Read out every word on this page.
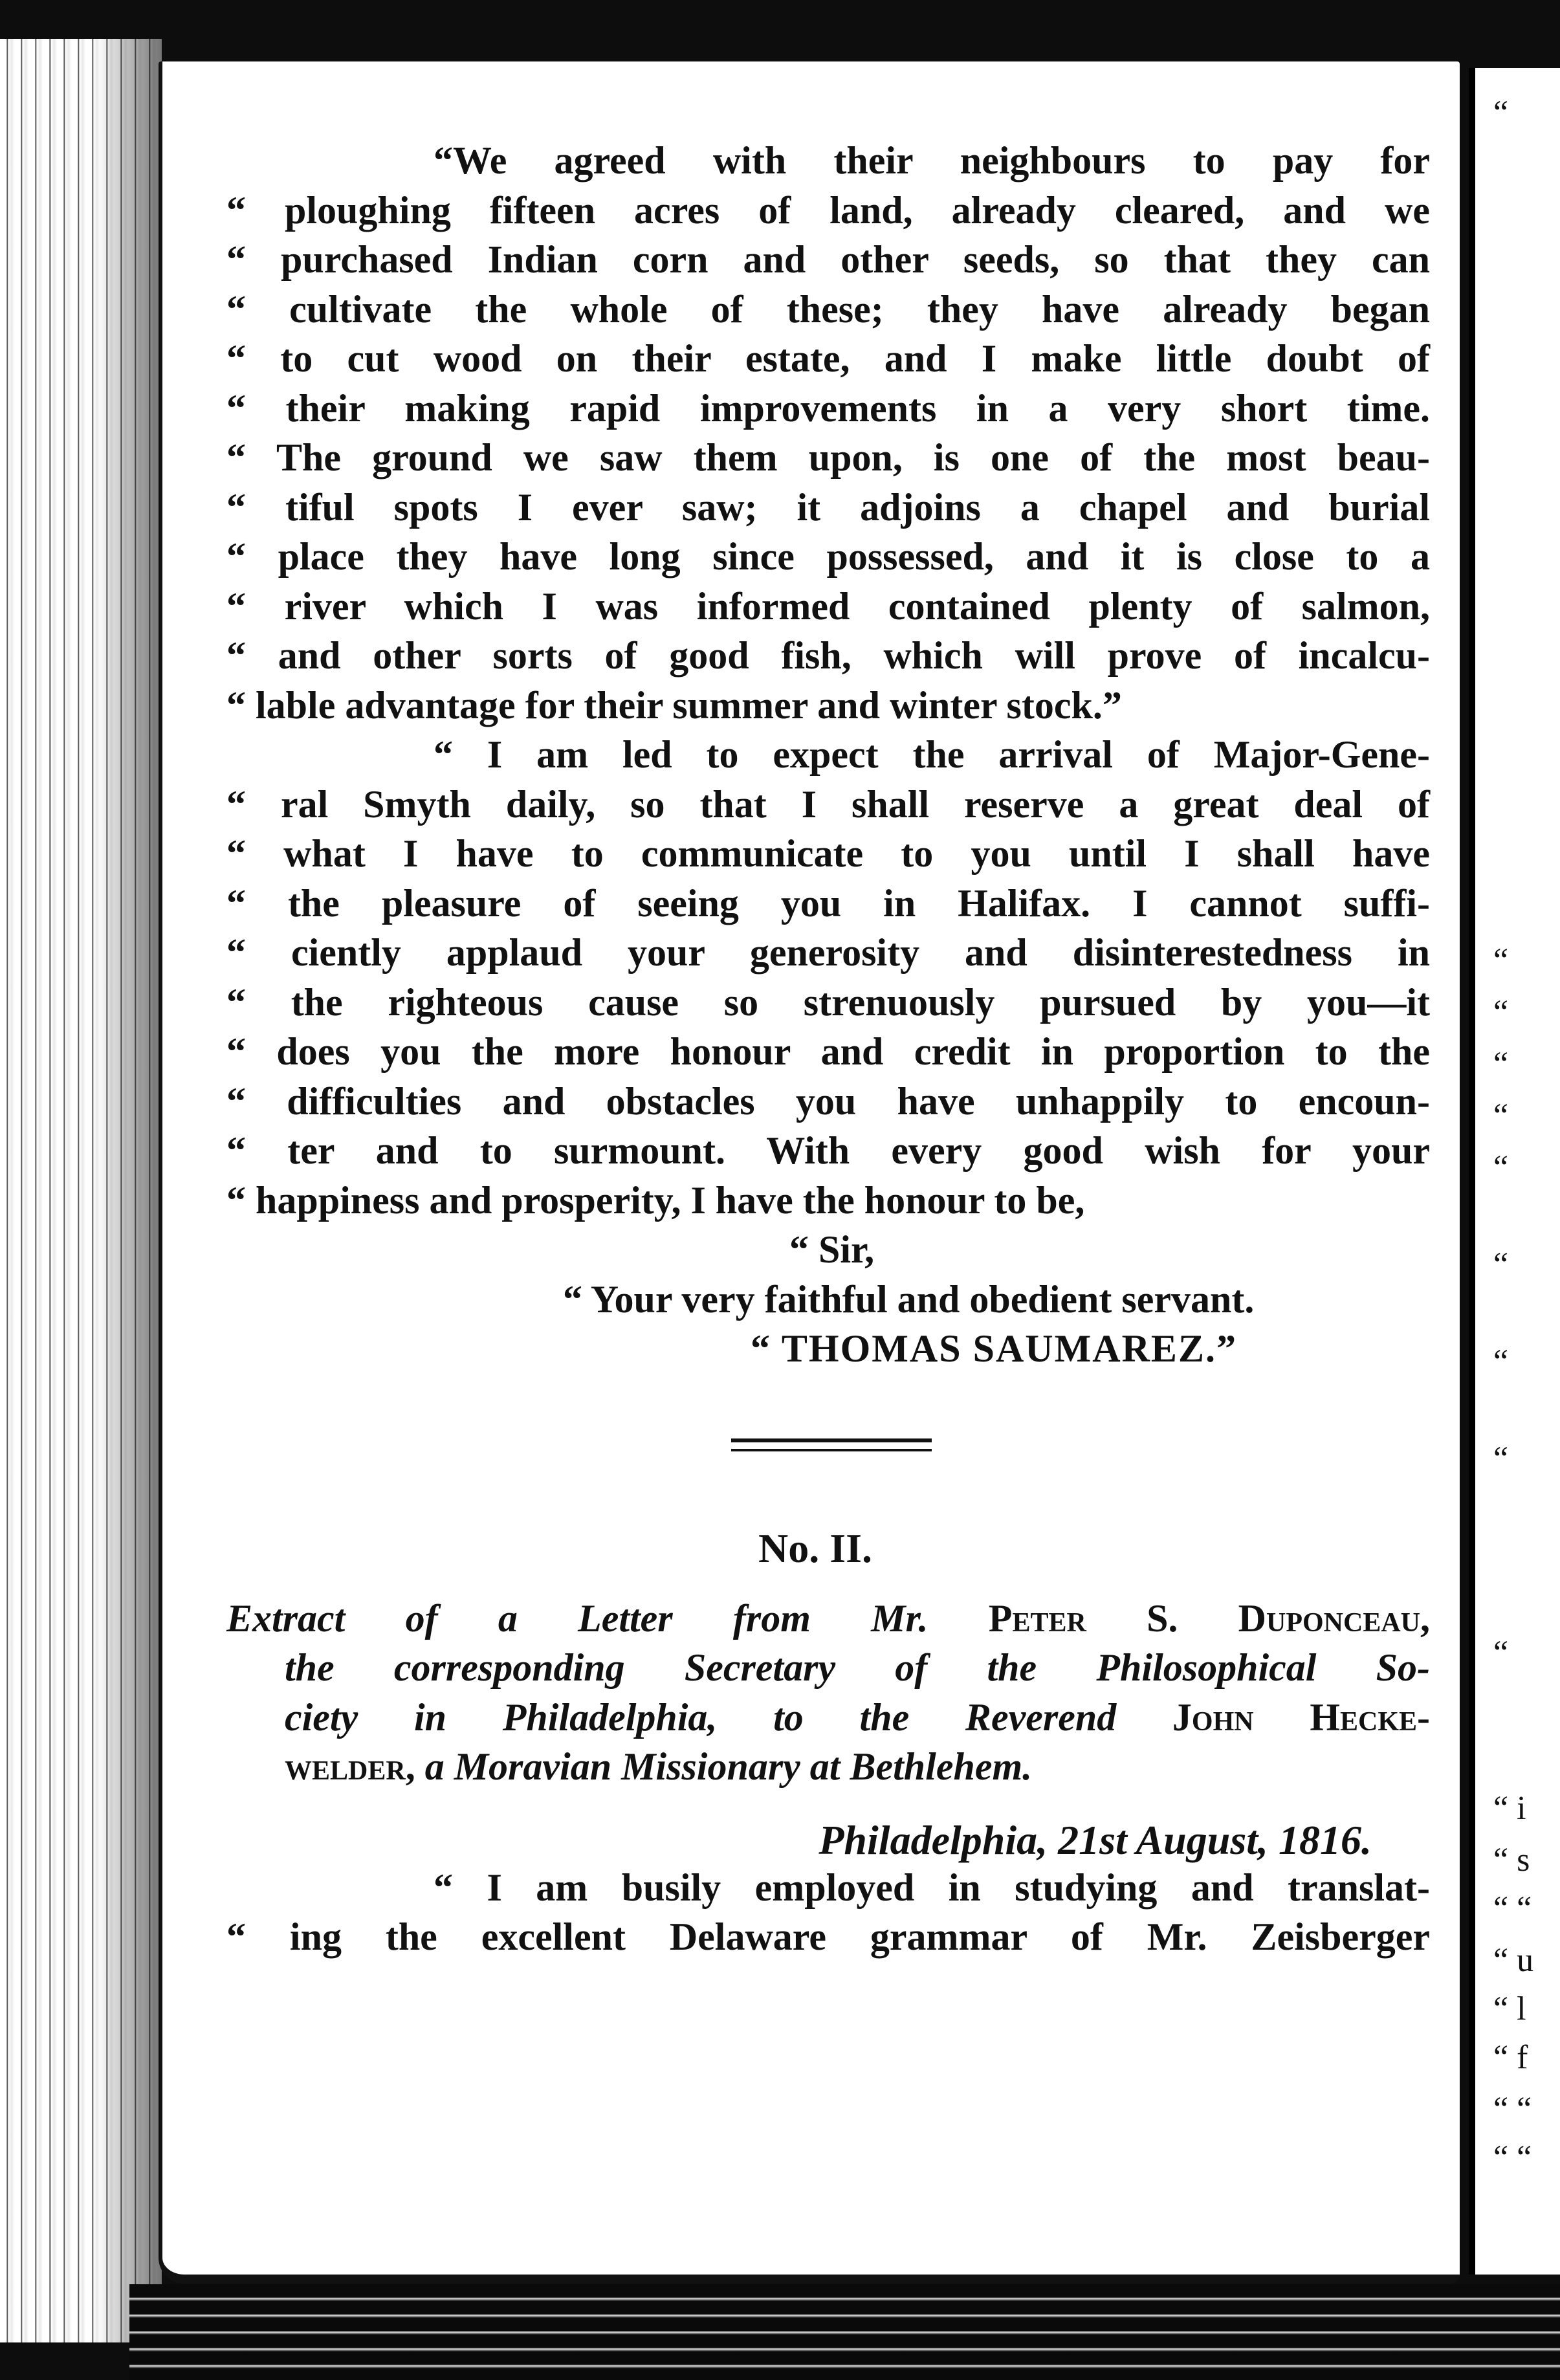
“
“
“
“
“
“
“
“
“
“
“ i
“ s
“ “
“ u
“ l
“ f
“ “
“ “
“We agreed with their neighbours to pay for
“ ploughing fifteen acres of land, already cleared, and we
“ purchased Indian corn and other seeds, so that they can
“ cultivate the whole of these; they have already began
“ to cut wood on their estate, and I make little doubt of
“ their making rapid improvements in a very short time.
“ The ground we saw them upon, is one of the most beau-
“ tiful spots I ever saw; it adjoins a chapel and burial
“ place they have long since possessed, and it is close to a
“ river which I was informed contained plenty of salmon,
“ and other sorts of good fish, which will prove of incalcu-
“ lable advantage for their summer and winter stock.”
“ I am led to expect the arrival of Major-Gene-
“ ral Smyth daily, so that I shall reserve a great deal of
“ what I have to communicate to you until I shall have
“ the pleasure of seeing you in Halifax. I cannot suffi-
“ ciently applaud your generosity and disinterestedness in
“ the righteous cause so strenuously pursued by you—it
“ does you the more honour and credit in proportion to the
“ difficulties and obstacles you have unhappily to encoun-
“ ter and to surmount. With every good wish for your
“ happiness and prosperity, I have the honour to be,
“ Sir,
“ Your very faithful and obedient servant.
“ THOMAS SAUMAREZ.”
No. II.
Extract of a Letter from Mr. Peter S. Duponceau,
the corresponding Secretary of the Philosophical So-
ciety in Philadelphia, to the Reverend John Hecke-
welder, a Moravian Missionary at Bethlehem.
Philadelphia, 21st August, 1816.
“ I am busily employed in studying and translat-
“ ing the excellent Delaware grammar of Mr. Zeisberger
